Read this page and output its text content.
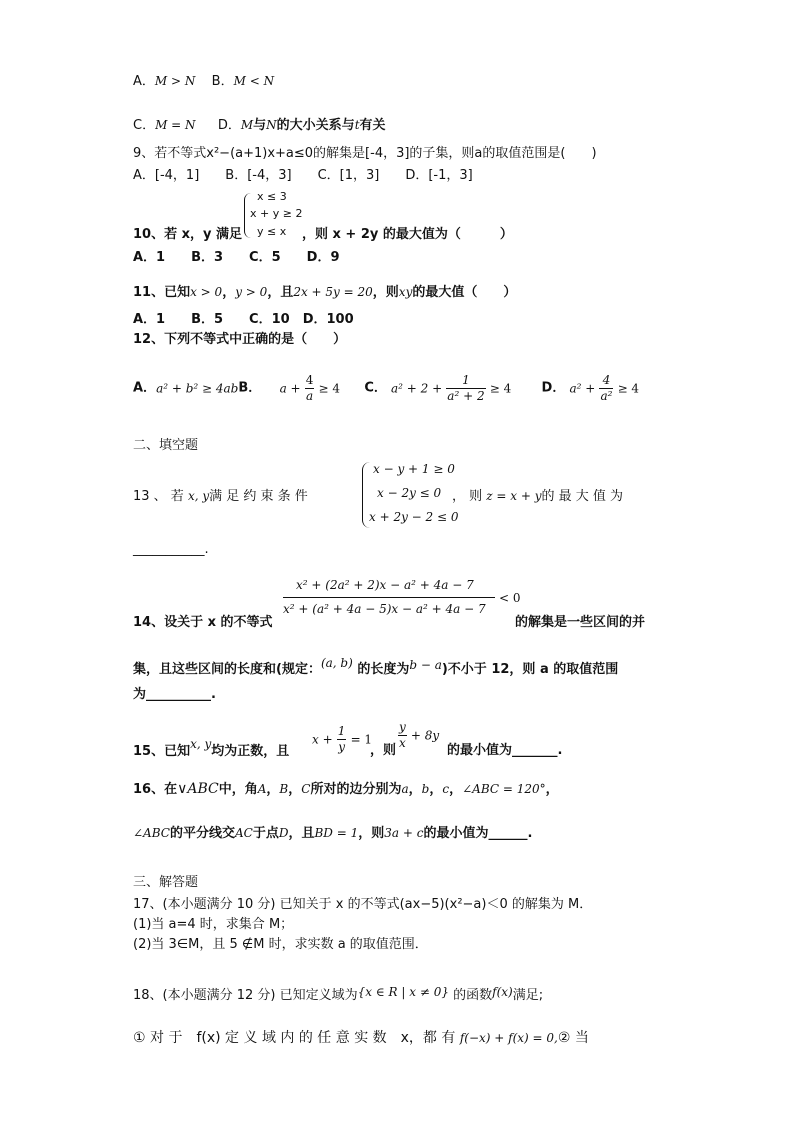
A．M > N B．M < N
C．M = N D．M与N的大小关系与t有关
9、若不等式x²−(a+1)x+a≤0的解集是[-4，3]的子集，则a的取值范围是(　　)
A．[-4，1]　　B．[-4，3]　　C．[1，3]　　D．[-1，3]
x ≤ 3
x + y ≥ 2
y ≤ x
10、若 x，y 满足	，则 x + 2y 的最大值为（　　　）
A．1　　B．3　　C．5　　D．9
11、已知x > 0，y > 0，且2x + 5y = 20，则xy的最大值（　　）
A．1　　B．5　　C．10　D．100
12、下列不等式中正确的是（　　）
A．a² + b² ≥ 4abB． $a + \frac{4}{a} \ge 4$ C． $a^2 + 2 + \frac{1}{\text{a² + 2}} \ge 4$ D． $a^2 + \frac{4}{\text{a²}} \ge 4$
二、填空题
x − y + 1 ≥ 0
x − 2y ≤ 0
x + 2y − 2 ≤ 0
13 、 若 x, y满 足 约 束 条 件	， 则 z = x + y的 最 大 值 为
___________.
x² + (2a² + 2)x − a² + 4a − 7
x² + (a² + 4a − 5)x − a² + 4a − 7
< 0
14、设关于 x 的不等式	的解集是一些区间的并
集，且这些区间的长度和(规定：(a, b) 的长度为b − a)不小于 12，则 a 的取值范围
为__________.
15、已知x, y均为正数，且
$x + \frac{1}{y} = 1$
，则 $\frac{y}{x} + 8y$
的最小值为_______.
16、在∨ABC中，角A，B，C所对的边分别为a，b，c，∠ABC = 120°，
∠ABC的平分线交AC于点D，且BD = 1，则3a + c的最小值为______.
三、解答题
17、(本小题满分 10 分) 已知关于 x 的不等式(ax−5)(x²−a)＜0 的解集为 M．
(1)当 a=4 时，求集合 M；
(2)当 3∈M，且 5 ∉M 时，求实数 a 的取值范围．
18、(本小题满分 12 分) 已知定义域为{x ∈ R | x ≠ 0} 的函数f(x)满足;
① 对 于　f(x) 定 义 域 内 的 任 意 实 数　x，都 有 f(−x) + f(x) = 0,② 当
